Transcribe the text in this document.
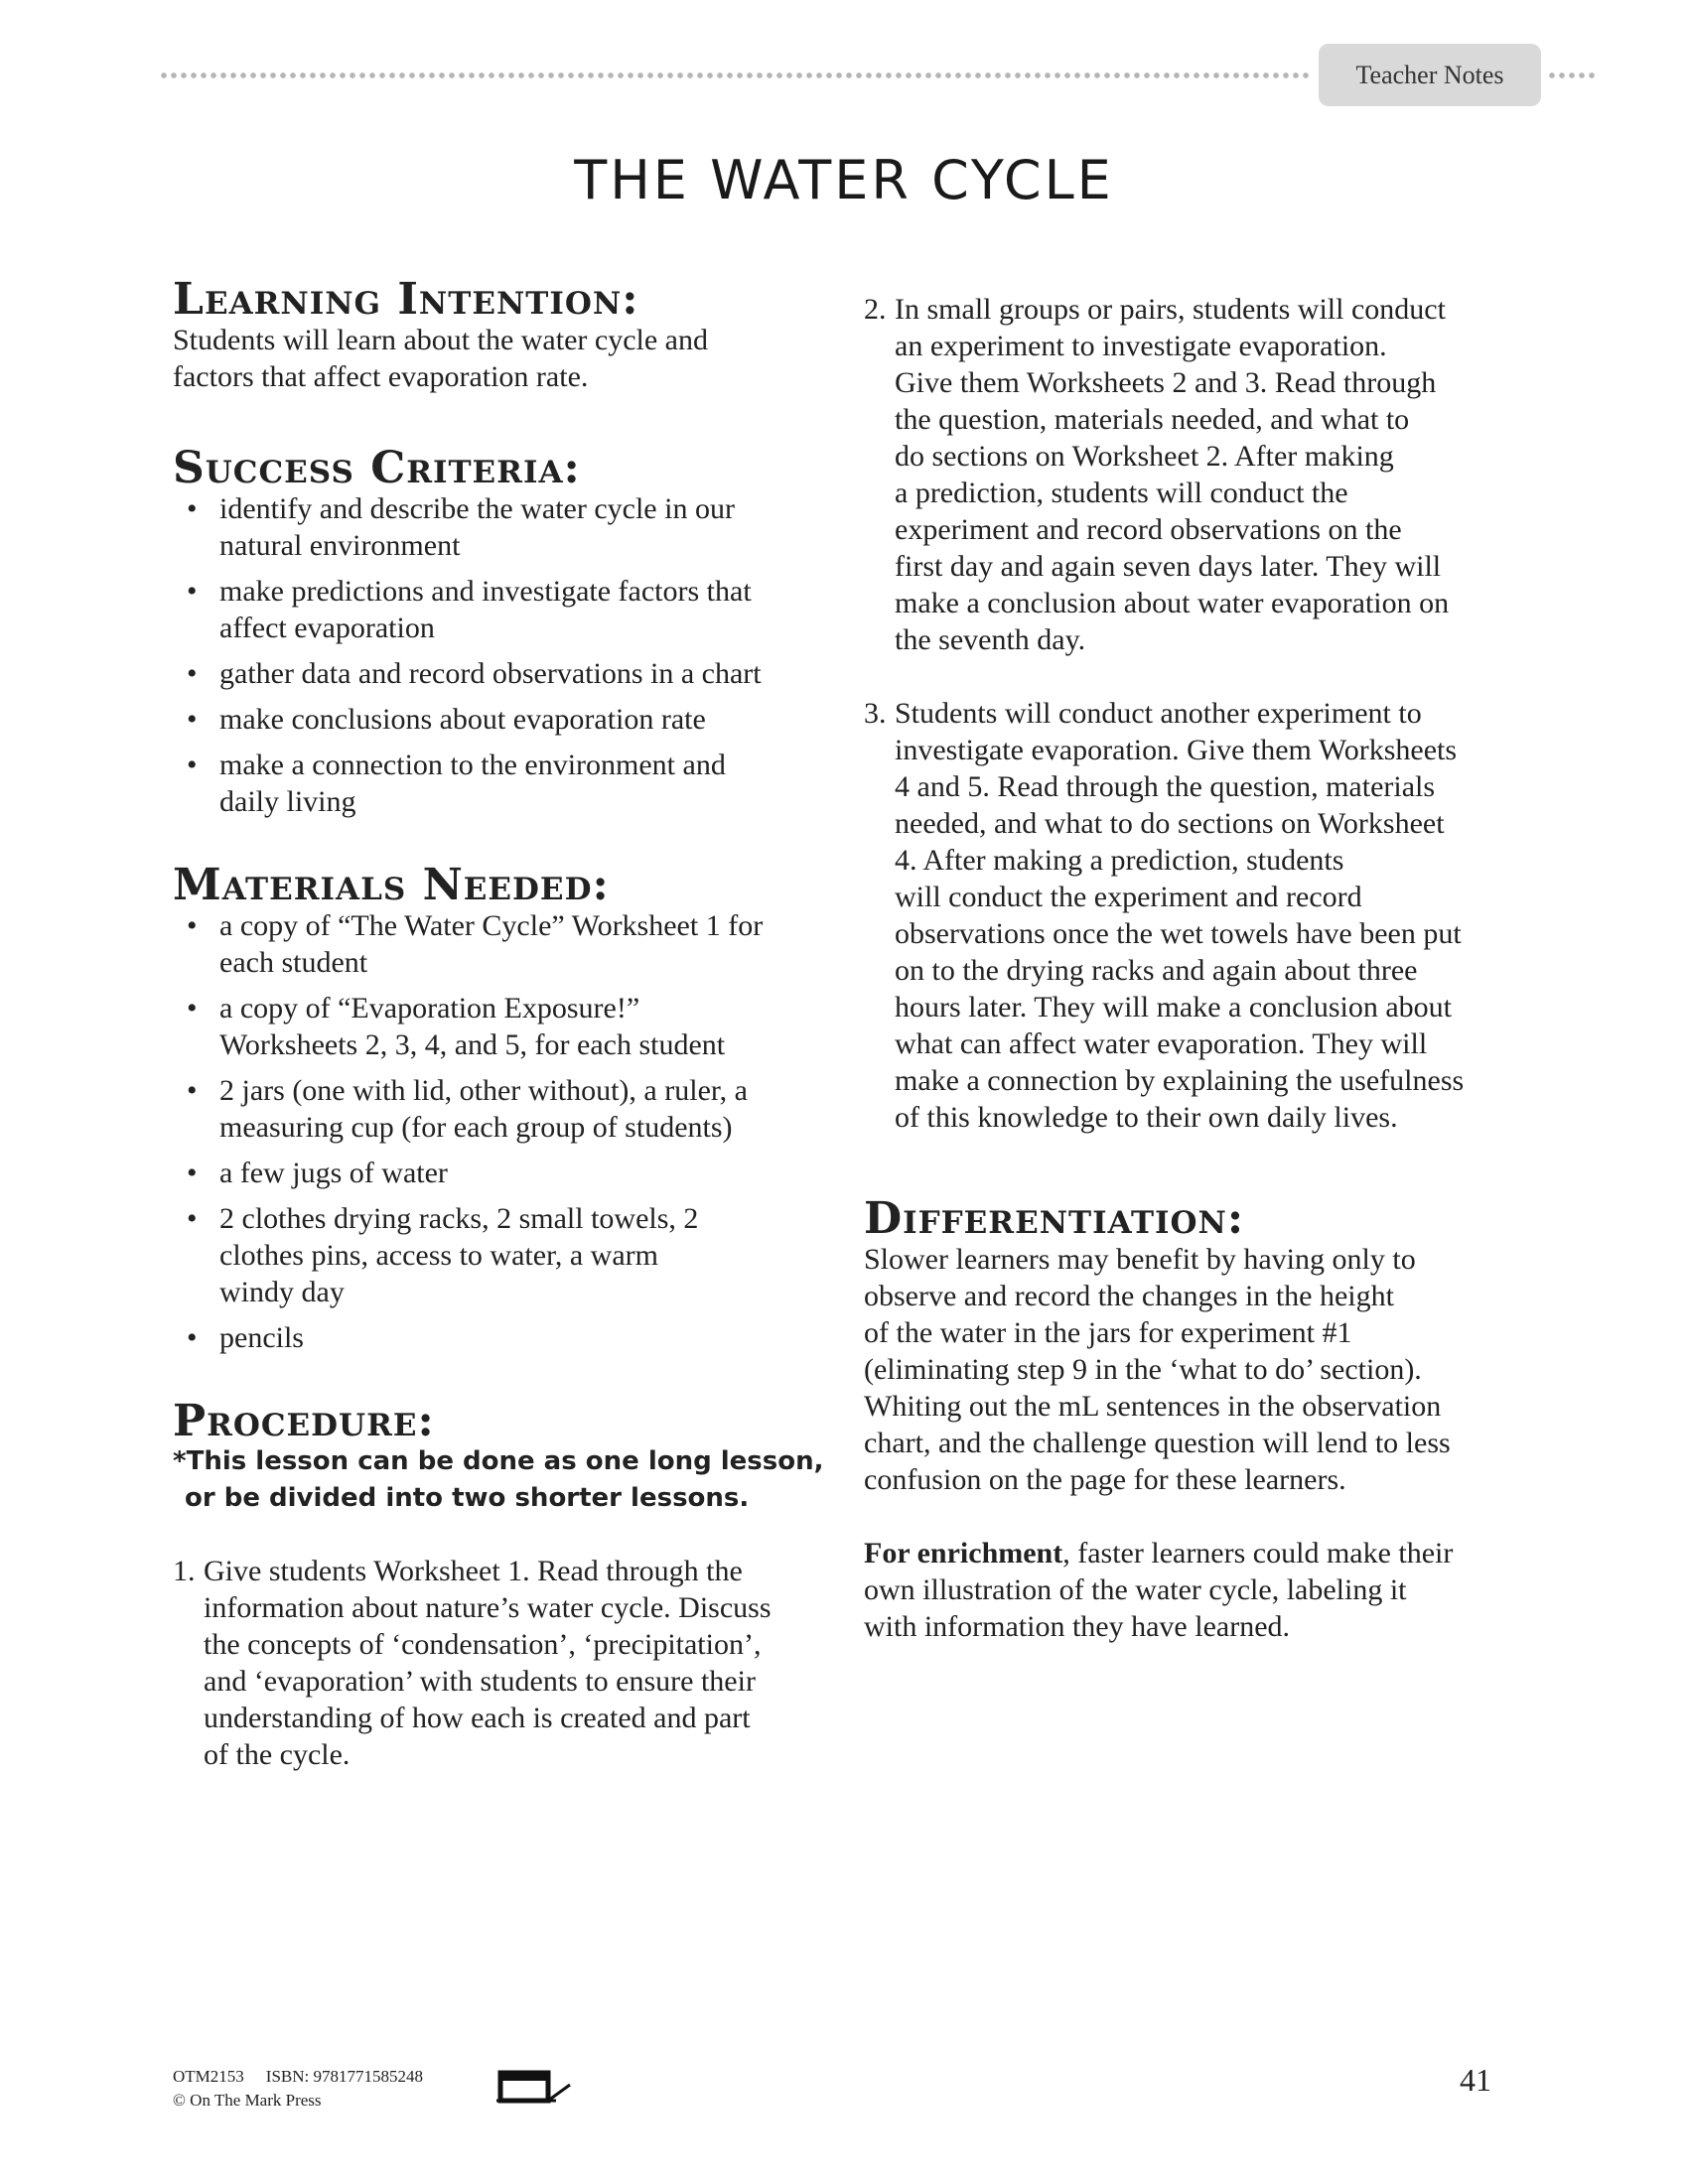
Teacher Notes
THE WATER CYCLE
Learning Intention:

Students will learn about the water cycle and
factors that affect evaporation rate.

Success Criteria:
• identify and describe the water cycle in our
natural environment
• make predictions and investigate factors that
affect evaporation
• gather data and record observations in a chart
• make conclusions about evaporation rate
• make a connection to the environment and
daily living
Materials Needed:
• a copy of “The Water Cycle” Worksheet 1 for
each student
• a copy of “Evaporation Exposure!”
Worksheets 2, 3, 4, and 5, for each student
• 2 jars (one with lid, other without), a ruler, a
measuring cup (for each group of students)
• a few jugs of water
• 2 clothes drying racks, 2 small towels, 2
clothes pins, access to water, a warm
windy day
• pencils
Procedure:

*This lesson can be done as one long lesson,

or be divided into two shorter lessons.

1. Give students Worksheet 1. Read through the
information about nature’s water cycle. Discuss
the concepts of ‘condensation’, ‘precipitation’,
and ‘evaporation’ with students to ensure their
understanding of how each is created and part
of the cycle.
2. In small groups or pairs, students will conduct
an experiment to investigate evaporation.
Give them Worksheets 2 and 3. Read through
the question, materials needed, and what to
do sections on Worksheet 2. After making
a prediction, students will conduct the
experiment and record observations on the
first day and again seven days later. They will
make a conclusion about water evaporation on
the seventh day.
3. Students will conduct another experiment to
investigate evaporation. Give them Worksheets
4 and 5. Read through the question, materials
needed, and what to do sections on Worksheet
4. After making a prediction, students
will conduct the experiment and record
observations once the wet towels have been put
on to the drying racks and again about three
hours later. They will make a conclusion about
what can affect water evaporation. They will
make a connection by explaining the usefulness
of this knowledge to their own daily lives.
Differentiation:

Slower learners may benefit by having only to
observe and record the changes in the height
of the water in the jars for experiment #1
(eliminating step 9 in the ‘what to do’ section).
Whiting out the mL sentences in the observation
chart, and the challenge question will lend to less
confusion on the page for these learners.

For enrichment, faster learners could make their
own illustration of the water cycle, labeling it
with information they have learned.

OTM2153 ISBN: 9781771585248
© On The Mark Press
41
